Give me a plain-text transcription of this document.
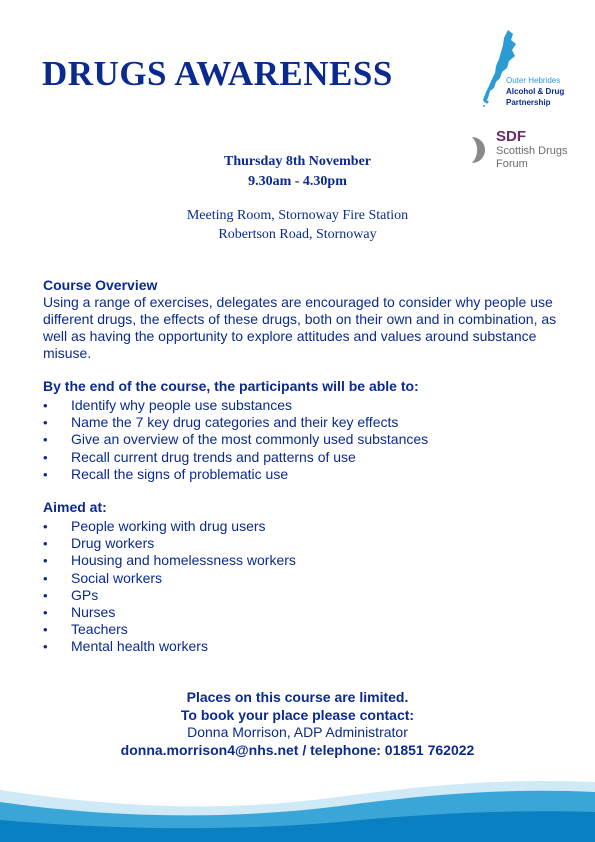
DRUGS AWARENESS	Outer Hebrides
Alcohol & Drug
Partnership
SDF
Scottish Drugs
Forum
Thursday 8th November
9.30am - 4.30pm
Meeting Room, Stornoway Fire Station
Robertson Road, Stornoway
Course Overview
Using a range of exercises, delegates are encouraged to consider why people use different drugs, the effects of these drugs, both on their own and in combination, as well as having the opportunity to explore attitudes and values around substance misuse.
By the end of the course, the participants will be able to:
• Identify why people use substances
• Name the 7 key drug categories and their key effects
• Give an overview of the most commonly used substances
• Recall current drug trends and patterns of use
• Recall the signs of problematic use
Aimed at:
• People working with drug users
• Drug workers
• Housing and homelessness workers
• Social workers
• GPs
• Nurses
• Teachers
• Mental health workers
Places on this course are limited.
To book your place please contact:
Donna Morrison, ADP Administrator
donna.morrison4@nhs.net / telephone: 01851 762022
